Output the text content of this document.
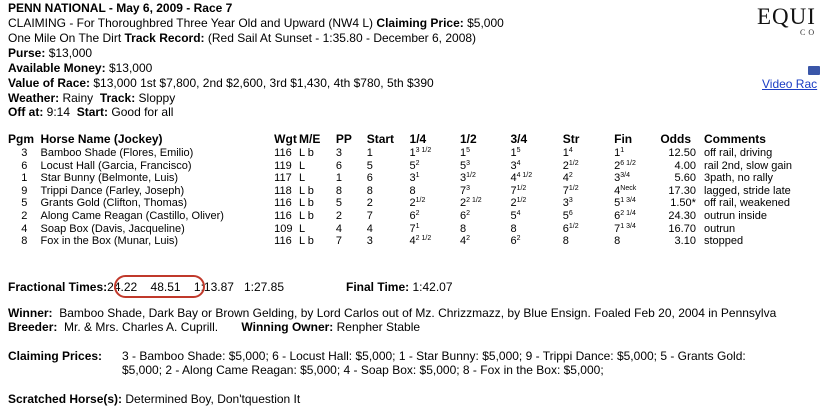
PENN NATIONAL - May 6, 2009 - Race 7
CLAIMING - For Thoroughbred Three Year Old and Upward (NW4 L) Claiming Price: $5,000
One Mile On The Dirt Track Record: (Red Sail At Sunset - 1:35.80 - December 6, 2008)
Purse: $13,000
Available Money: $13,000
Value of Race: $13,000 1st $7,800, 2nd $2,600, 3rd $1,430, 4th $780, 5th $390
Weather: Rainy Track: Sloppy
Off at: 9:14 Start: Good for all
EQUI
CO
Video Rac
Pgm	Horse Name (Jockey)	Wgt	M/E	PP	Start	1/4	1/2	3/4	Str	Fin	Odds	Comments
3	Bamboo Shade (Flores, Emilio)	116	L b	3	1	$1^{3 1/2}$	$1^5$	$1^5$	$1^4$	$1^1$	12.50	off rail, driving
6	Locust Hall (Garcia, Francisco)	119	L	6	5	$5^2$	$5^3$	$3^4$	$2^{1/2}$	$2^{6 1/2}$	4.00	rail 2nd, slow gain
1	Star Bunny (Belmonte, Luis)	117	L	1	6	$3^1$	$3^{1/2}$	$4^{4 1/2}$	$4^2$	$3^{3/4}$	5.60	3path, no rally
9	Trippi Dance (Farley, Joseph)	118	L b	8	8	8	$7^3$	$7^{1/2}$	$7^{1/2}$	$4^{Neck}$	17.30	lagged, stride late
5	Grants Gold (Clifton, Thomas)	116	L b	5	2	$2^{1/2}$	$2^{2 1/2}$	$2^{1/2}$	$3^3$	$5^{1 3/4}$	1.50*	off rail, weakened
2	Along Came Reagan (Castillo, Oliver)	116	L b	2	7	$6^2$	$6^2$	$5^4$	$5^6$	$6^{2 1/4}$	24.30	outrun inside
4	Soap Box (Davis, Jacqueline)	109	L	4	4	$7^1$	8	8	$6^{1/2}$	$7^{1 3/4}$	16.70	outrun
8	Fox in the Box (Munar, Luis)	116	L b	7	3	$4^{2 1/2}$	$4^2$	$6^2$	8	8	3.10	stopped
Fractional Times:24.22 48.51 1:13.87 1:27.85	Final Time: 1:42.07
Winner: Bamboo Shade, Dark Bay or Brown Gelding, by Lord Carlos out of Mz. Chrizzmazz, by Blue Ensign. Foaled Feb 20, 2004 in Pennsylva
Breeder: Mr. & Mrs. Charles A. Cuprill. Winning Owner: Renpher Stable
Claiming Prices: 3 - Bamboo Shade: $5,000; 6 - Locust Hall: $5,000; 1 - Star Bunny: $5,000; 9 - Trippi Dance: $5,000; 5 - Grants Gold:
$5,000; 2 - Along Came Reagan: $5,000; 4 - Soap Box: $5,000; 8 - Fox in the Box: $5,000;
Scratched Horse(s): Determined Boy, Don'tquestion It
